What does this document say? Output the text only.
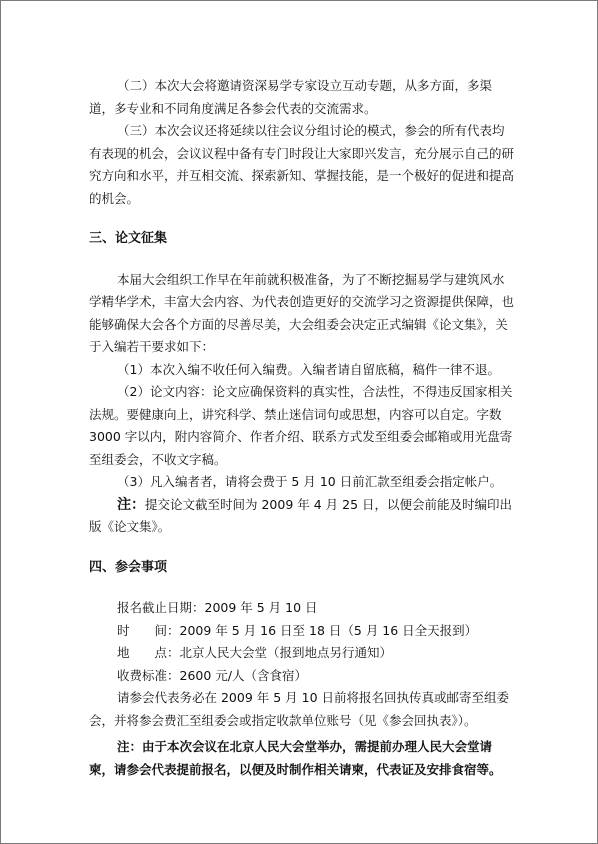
（二）本次大会将邀请资深易学专家设立互动专题，从多方面，多渠道，多专业和不同角度满足各参会代表的交流需求。

（三）本次会议还将延续以往会议分组讨论的模式，参会的所有代表均有表现的机会，会议议程中备有专门时段让大家即兴发言，充分展示自己的研究方向和水平，并互相交流、探索新知、掌握技能，是一个极好的促进和提高的机会。

三、论文征集

本届大会组织工作早在年前就积极准备，为了不断挖掘易学与建筑风水学精华学术，丰富大会内容、为代表创造更好的交流学习之资源提供保障，也能够确保大会各个方面的尽善尽美，大会组委会决定正式编辑《论文集》，关于入编若干要求如下：

（1）本次入编不收任何入编费。入编者请自留底稿，稿件一律不退。

（2）论文内容：论文应确保资料的真实性，合法性，不得违反国家相关法规。要健康向上，讲究科学、禁止迷信词句或思想，内容可以自定。字数 3000 字以内，附内容简介、作者介绍、联系方式发至组委会邮箱或用光盘寄至组委会，不收文字稿。

（3）凡入编者者，请将会费于 5 月 10 日前汇款至组委会指定帐户。

注：提交论文截至时间为 2009 年 4 月 25 日，以便会前能及时编印出版《论文集》。

四、参会事项

报名截止日期：2009 年 5 月 10 日

时　　间：2009 年 5 月 16 日至 18 日（5 月 16 日全天报到）

地　　点：北京人民大会堂（报到地点另行通知）

收费标准：2600 元/人（含食宿）

请参会代表务必在 2009 年 5 月 10 日前将报名回执传真或邮寄至组委会，并将参会费汇至组委会或指定收款单位账号（见《参会回执表》）。

注：由于本次会议在北京人民大会堂举办，需提前办理人民大会堂请柬，请参会代表提前报名，以便及时制作相关请柬，代表证及安排食宿等。
